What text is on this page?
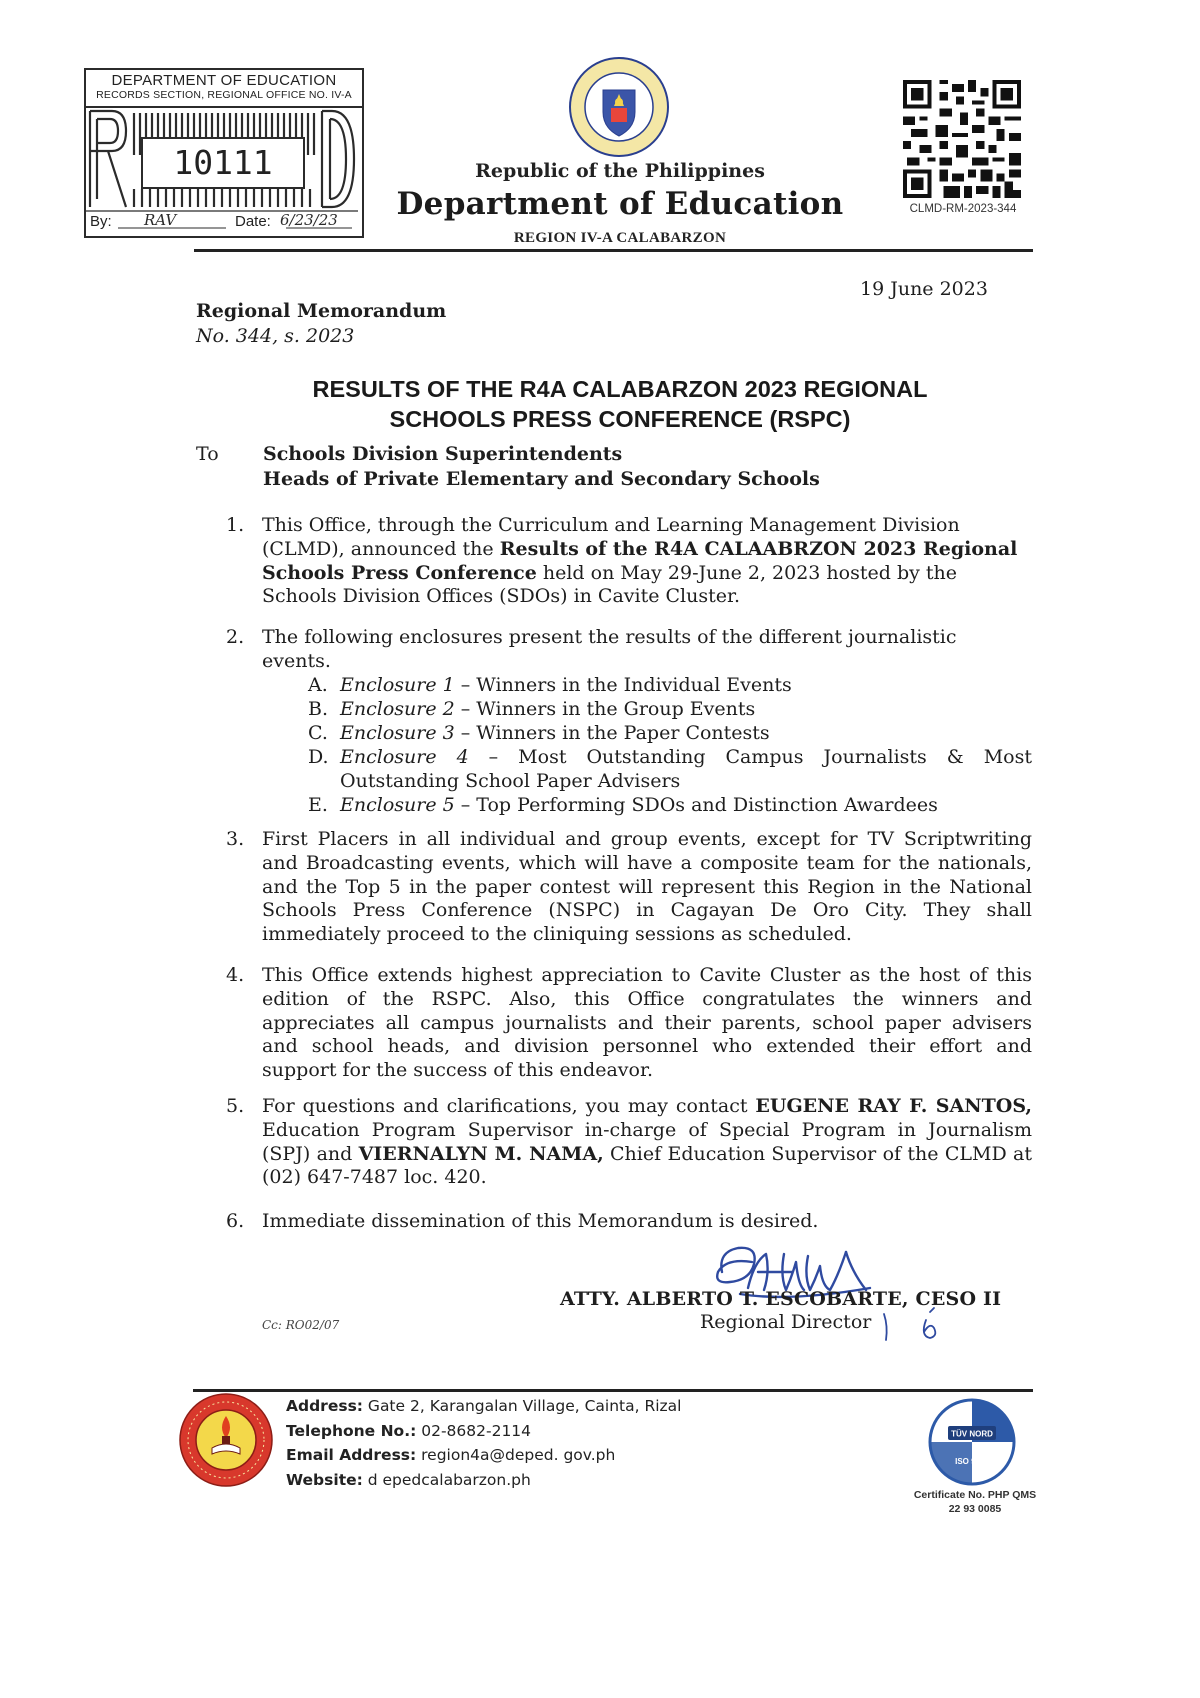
DEPARTMENT OF EDUCATION
RECORDS SECTION, REGIONAL OFFICE NO. IV-A
10111
By: RAV	Date: 6/23/23
Republic of the Philippines
Department of Education
REGION IV-A CALABARZON
CLMD-RM-2023-344
19 June 2023
Regional Memorandum
No. 344, s. 2023
RESULTS OF THE R4A CALABARZON 2023 REGIONAL
SCHOOLS PRESS CONFERENCE (RSPC)
To Schools Division Superintendents
Heads of Private Elementary and Secondary Schools
1. This Office, through the Curriculum and Learning Management Division
(CLMD), announced the Results of the R4A CALAABRZON 2023 Regional
Schools Press Conference held on May 29-June 2, 2023 hosted by the
Schools Division Offices (SDOs) in Cavite Cluster.
2. The following enclosures present the results of the different journalistic
events.
A. Enclosure 1 – Winners in the Individual Events
B. Enclosure 2 – Winners in the Group Events
C. Enclosure 3 – Winners in the Paper Contests
D. Enclosure 4 – Most Outstanding Campus Journalists & Most
Outstanding School Paper Advisers
E. Enclosure 5 – Top Performing SDOs and Distinction Awardees
3. First Placers in all individual and group events, except for TV Scriptwriting
and Broadcasting events, which will have a composite team for the nationals,
and the Top 5 in the paper contest will represent this Region in the National
Schools Press Conference (NSPC) in Cagayan De Oro City. They shall
immediately proceed to the cliniquing sessions as scheduled.
4. This Office extends highest appreciation to Cavite Cluster as the host of this
edition of the RSPC. Also, this Office congratulates the winners and
appreciates all campus journalists and their parents, school paper advisers
and school heads, and division personnel who extended their effort and
support for the success of this endeavor.
5. For questions and clarifications, you may contact EUGENE RAY F. SANTOS,
Education Program Supervisor in-charge of Special Program in Journalism
(SPJ) and VIERNALYN M. NAMA, Chief Education Supervisor of the CLMD at
(02) 647-7487 loc. 420.
6. Immediate dissemination of this Memorandum is desired.
ATTY. ALBERTO T. ESCOBARTE, CESO II
Regional Director
Cc: RO02/07
Address: Gate 2, Karangalan Village, Cainta, Rizal
Telephone No.: 02-8682-2114
Email Address: region4a@deped. gov.ph
Website: d epedcalabarzon.ph
TÜV NORD
ISO 9001
Certificate No. PHP QMS
22 93 0085
